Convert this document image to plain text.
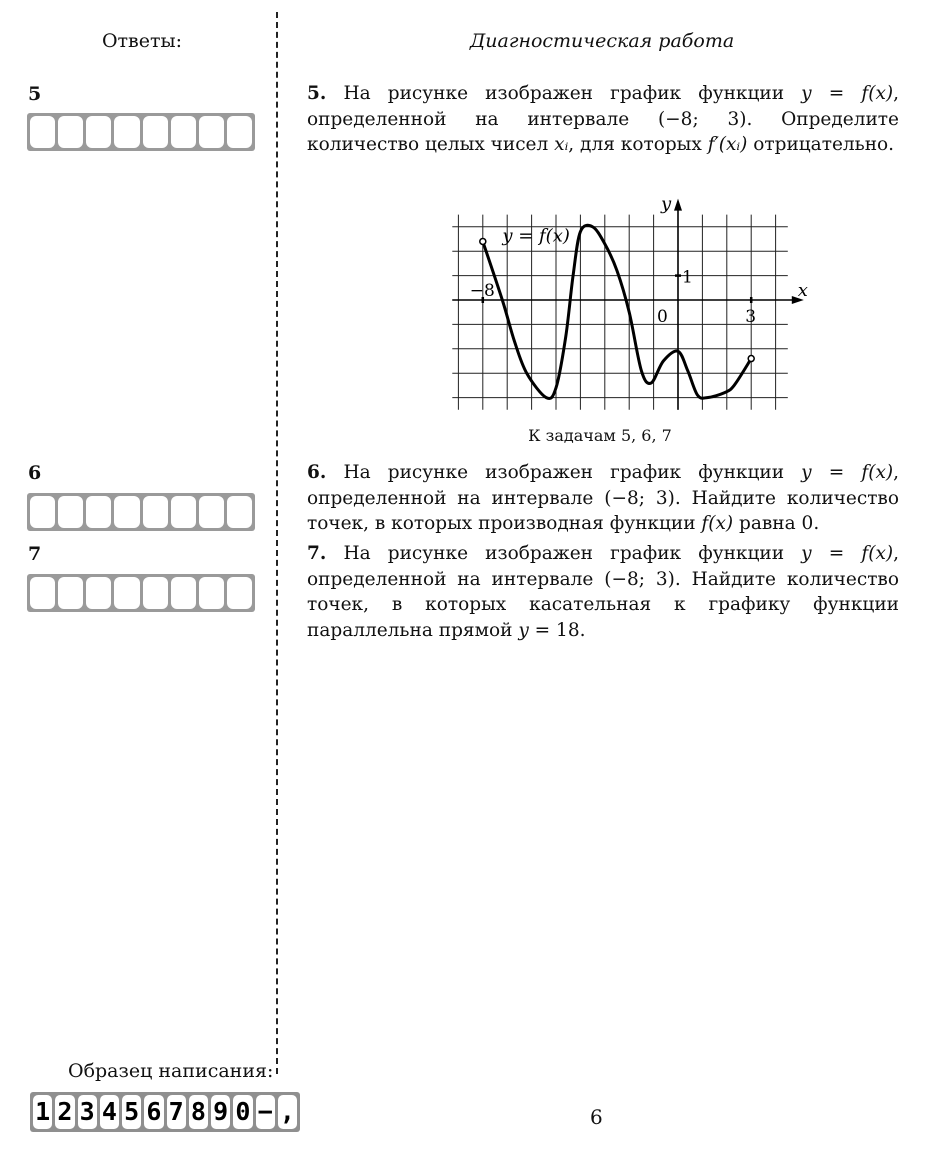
Ответы:	Диагностическая работа
5
6
7
5. На рисунке изображен график функции y = f(x), определенной на интервале (−8; 3). Определите количество целых чисел xᵢ, для которых f′(xᵢ) отрицательно.
y = f(x)
x
y
−8
0	3
1
К задачам 5, 6, 7
6. На рисунке изображен график функции y = f(x), определенной на интервале (−8; 3). Найдите количество точек, в которых производная функции f(x) равна 0.
7. На рисунке изображен график функции y = f(x), определенной на интервале (−8; 3). Найдите количество точек, в которых касательная к графику функции параллельна прямой y = 18.
Образец написания:
1 2 3 4 5 6 7 8 9 0 − ,	6
